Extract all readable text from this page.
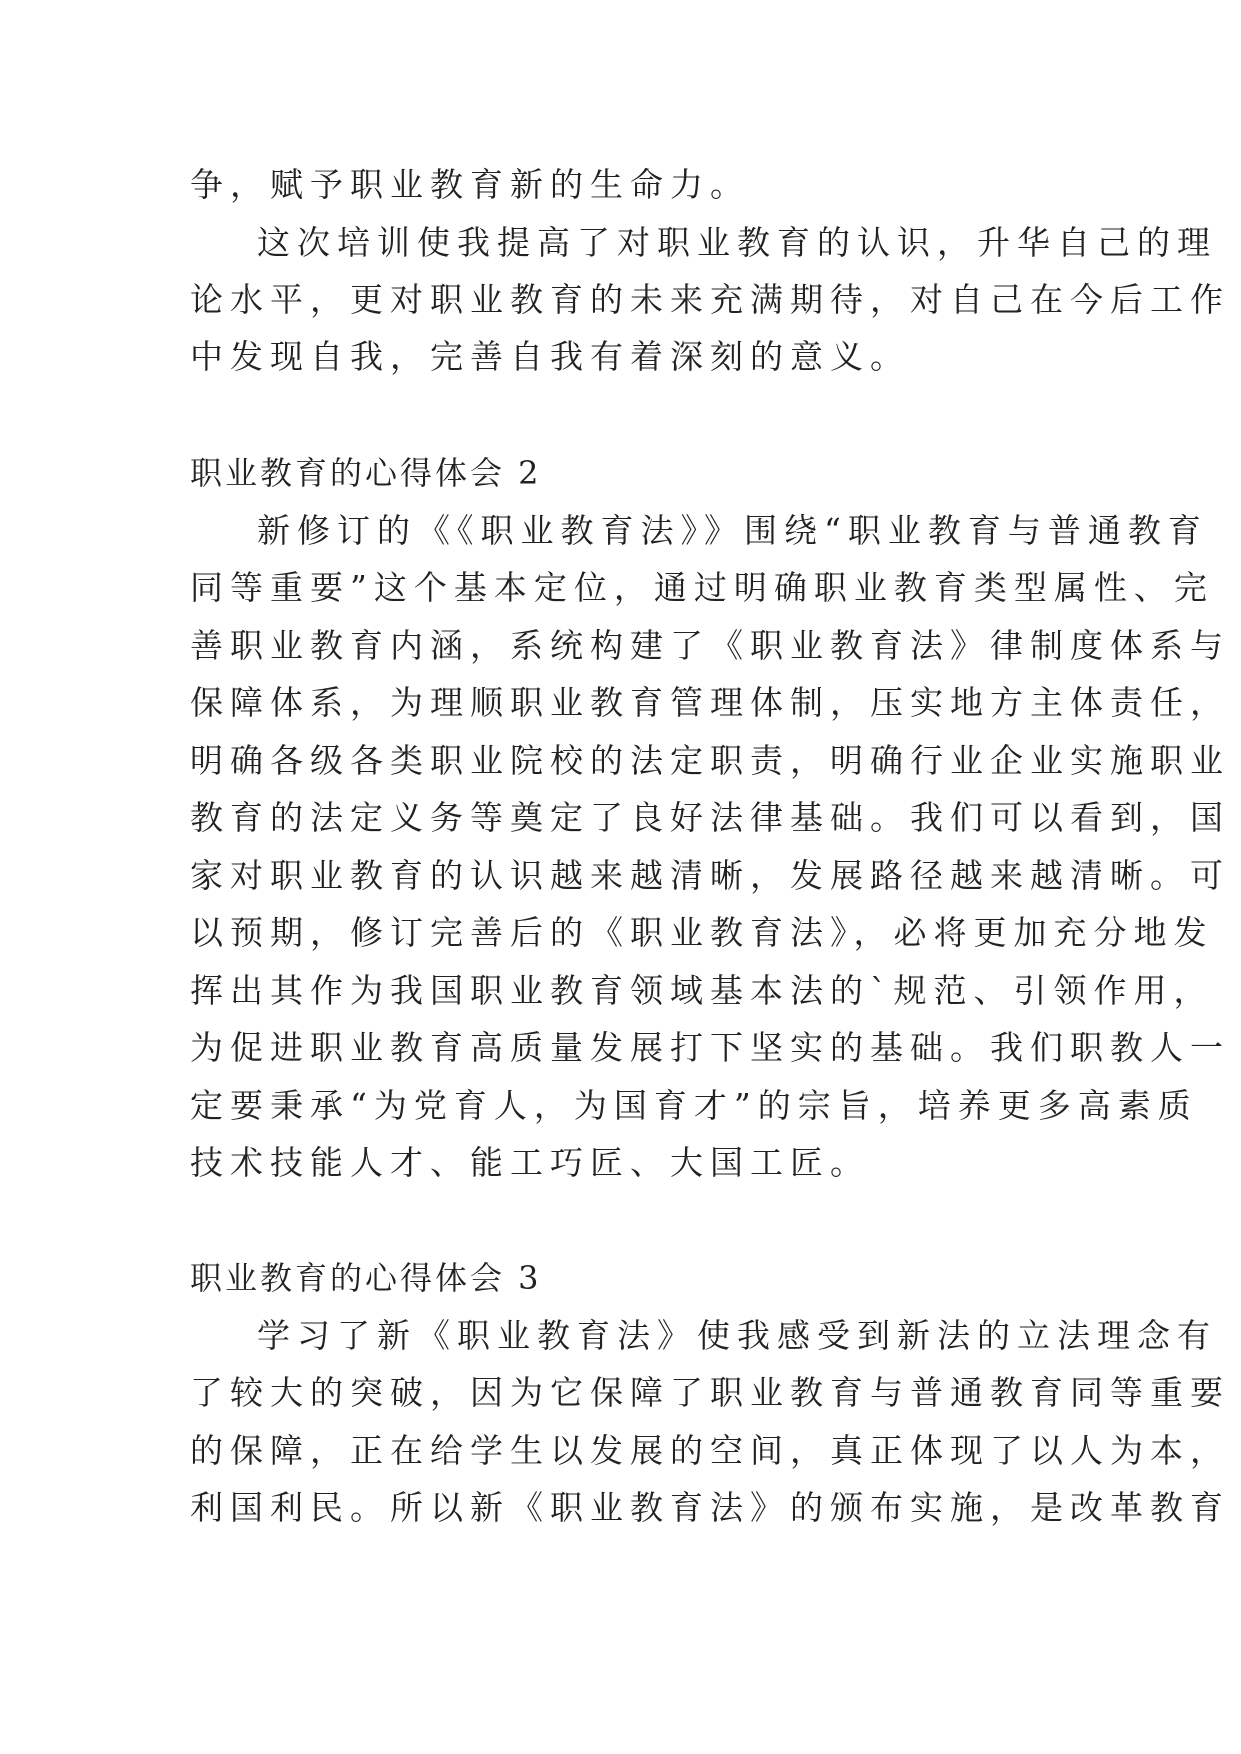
争，赋予职业教育新的生命力。
这次培训使我提高了对职业教育的认识，升华自己的理
论水平，更对职业教育的未来充满期待，对自己在今后工作
中发现自我，完善自我有着深刻的意义。
职业教育的心得体会 2
新修订的《《职业教育法》》围绕“职业教育与普通教育
同等重要”这个基本定位，通过明确职业教育类型属性、完
善职业教育内涵，系统构建了《职业教育法》律制度体系与
保障体系，为理顺职业教育管理体制，压实地方主体责任，
明确各级各类职业院校的法定职责，明确行业企业实施职业
教育的法定义务等奠定了良好法律基础。我们可以看到，国
家对职业教育的认识越来越清晰，发展路径越来越清晰。可
以预期，修订完善后的《职业教育法》，必将更加充分地发
挥出其作为我国职业教育领域基本法的`规范、引领作用，
为促进职业教育高质量发展打下坚实的基础。我们职教人一
定要秉承“为党育人，为国育才”的宗旨，培养更多高素质
技术技能人才、能工巧匠、大国工匠。
职业教育的心得体会 3
学习了新《职业教育法》使我感受到新法的立法理念有
了较大的突破，因为它保障了职业教育与普通教育同等重要
的保障，正在给学生以发展的空间，真正体现了以人为本，
利国利民。所以新《职业教育法》的颁布实施，是改革教育
